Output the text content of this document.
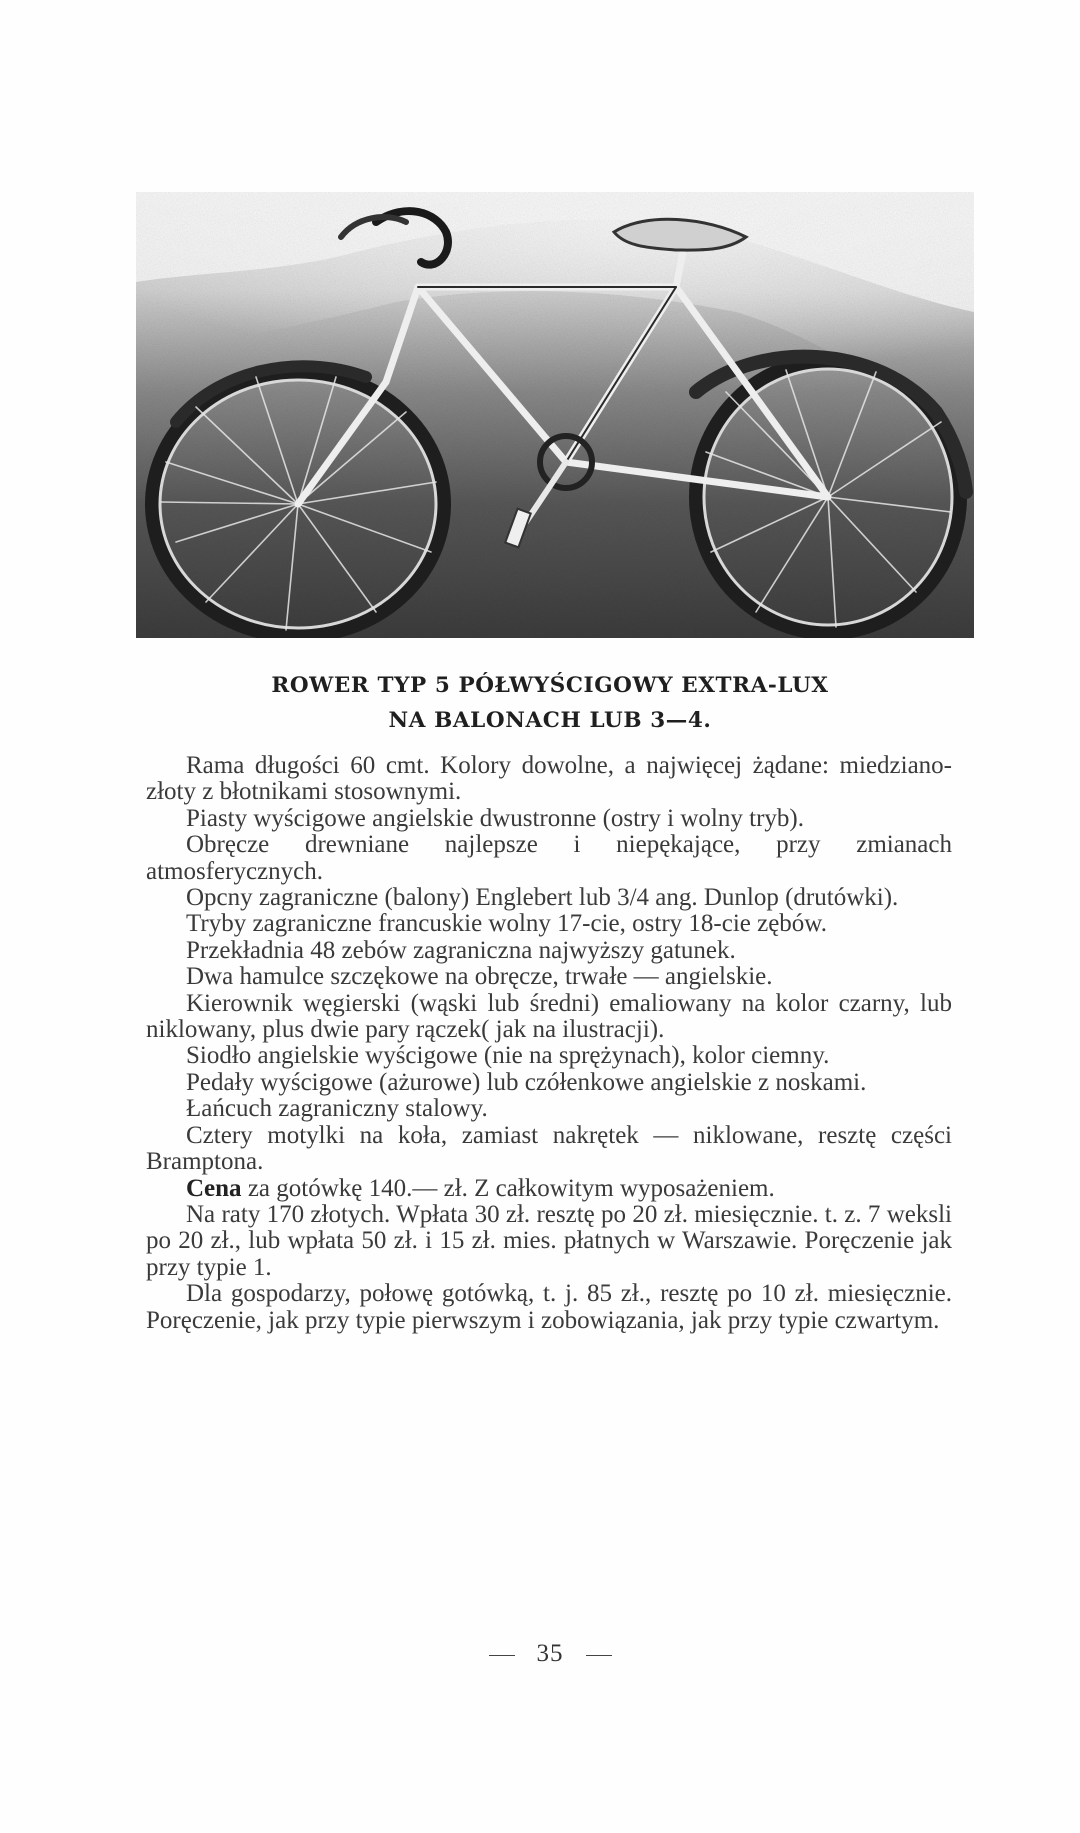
ROWER TYP 5 PÓŁWYŚCIGOWY EXTRA-LUX
NA BALONACH LUB 3—4.

Rama długości 60 cmt. Kolory dowolne, a najwięcej żądane: miedziano-złoty z błotnikami stosownymi.

Piasty wyścigowe angielskie dwustronne (ostry i wolny tryb).

Obręcze drewniane najlepsze i niepękające, przy zmianach atmosferycznych.

Opcny zagraniczne (balony) Englebert lub 3/4 ang. Dunlop (drutówki).

Tryby zagraniczne francuskie wolny 17-cie, ostry 18-cie zębów.

Przekładnia 48 zebów zagraniczna najwyższy gatunek.

Dwa hamulce szczękowe na obręcze, trwałe — angielskie.

Kierownik węgierski (wąski lub średni) emaliowany na kolor czarny, lub niklowany, plus dwie pary rączek( jak na ilustracji).

Siodło angielskie wyścigowe (nie na sprężynach), kolor ciemny.

Pedały wyścigowe (ażurowe) lub czółenkowe angielskie z noskami.

Łańcuch zagraniczny stalowy.

Cztery motylki na koła, zamiast nakrętek — niklowane, resztę części Bramptona.

Cena za gotówkę 140.— zł. Z całkowitym wyposażeniem.

Na raty 170 złotych. Wpłata 30 zł. resztę po 20 zł. miesięcznie. t. z. 7 weksli po 20 zł., lub wpłata 50 zł. i 15 zł. mies. płatnych w Warszawie. Poręczenie jak przy typie 1.

Dla gospodarzy, połowę gotówką, t. j. 85 zł., resztę po 10 zł. miesięcznie. Poręczenie, jak przy typie pierwszym i zobowiązania, jak przy typie czwartym.

35
